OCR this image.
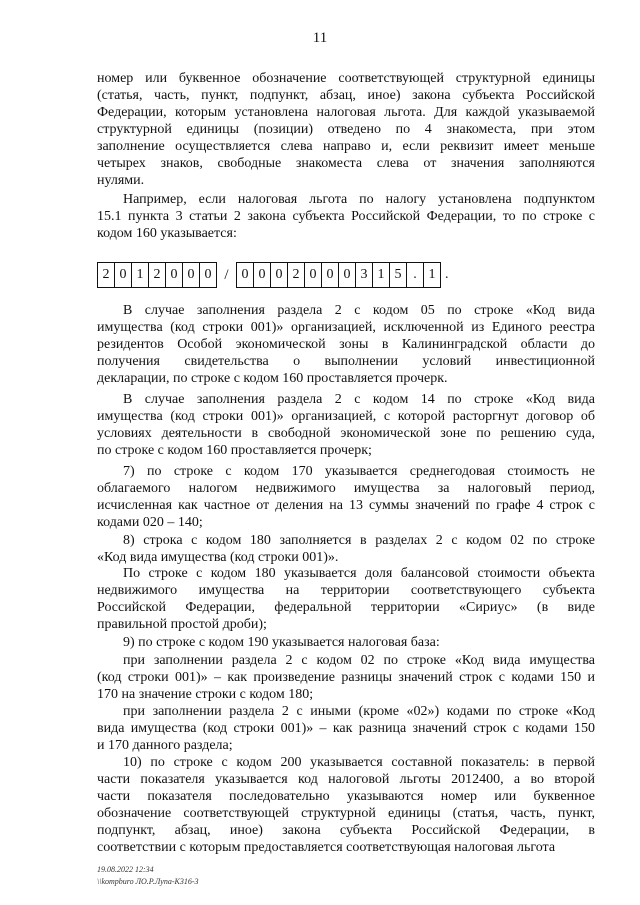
11
номер или буквенное обозначение соответствующей структурной единицы
(статья, часть, пункт, подпункт, абзац, иное) закона субъекта Российской
Федерации, которым установлена налоговая льгота. Для каждой указываемой
структурной единицы (позиции) отведено по 4 знакоместа, при этом
заполнение осуществляется слева направо и, если реквизит имеет меньше
четырех знаков, свободные знакоместа слева от значения заполняются
нулями.
Например, если налоговая льгота по налогу установлена подпунктом
15.1 пункта 3 статьи 2 закона субъекта Российской Федерации, то по строке с
кодом 160 указывается:
2 0 1 2 0 0 0 / 0 0 0 2 0 0 0 3 1 5 . 1 .
В случае заполнения раздела 2 с кодом 05 по строке «Код вида
имущества (код строки 001)» организацией, исключенной из Единого реестра
резидентов Особой экономической зоны в Калининградской области до
получения свидетельства о выполнении условий инвестиционной
декларации, по строке с кодом 160 проставляется прочерк.
В случае заполнения раздела 2 с кодом 14 по строке «Код вида
имущества (код строки 001)» организацией, с которой расторгнут договор об
условиях деятельности в свободной экономической зоне по решению суда,
по строке с кодом 160 проставляется прочерк;
7) по строке с кодом 170 указывается среднегодовая стоимость не
облагаемого налогом недвижимого имущества за налоговый период,
исчисленная как частное от деления на 13 суммы значений по графе 4 строк с
кодами 020 – 140;
8) строка с кодом 180 заполняется в разделах 2 с кодом 02 по строке
«Код вида имущества (код строки 001)».
По строке с кодом 180 указывается доля балансовой стоимости объекта
недвижимого имущества на территории соответствующего субъекта
Российской Федерации, федеральной территории «Сириус» (в виде
правильной простой дроби);
9) по строке с кодом 190 указывается налоговая база:
при заполнении раздела 2 с кодом 02 по строке «Код вида имущества
(код строки 001)» – как произведение разницы значений строк с кодами 150 и
170 на значение строки с кодом 180;
при заполнении раздела 2 с иными (кроме «02») кодами по строке «Код
вида имущества (код строки 001)» – как разница значений строк с кодами 150
и 170 данного раздела;
10) по строке с кодом 200 указывается составной показатель: в первой
части показателя указывается код налоговой льготы 2012400, а во второй
части показателя последовательно указываются номер или буквенное
обозначение соответствующей структурной единицы (статья, часть, пункт,
подпункт, абзац, иное) закона субъекта Российской Федерации, в
соответствии с которым предоставляется соответствующая налоговая льгота
19.08.2022 12:34
\\kompburo ЛО.Р.Лупа-К316-3
